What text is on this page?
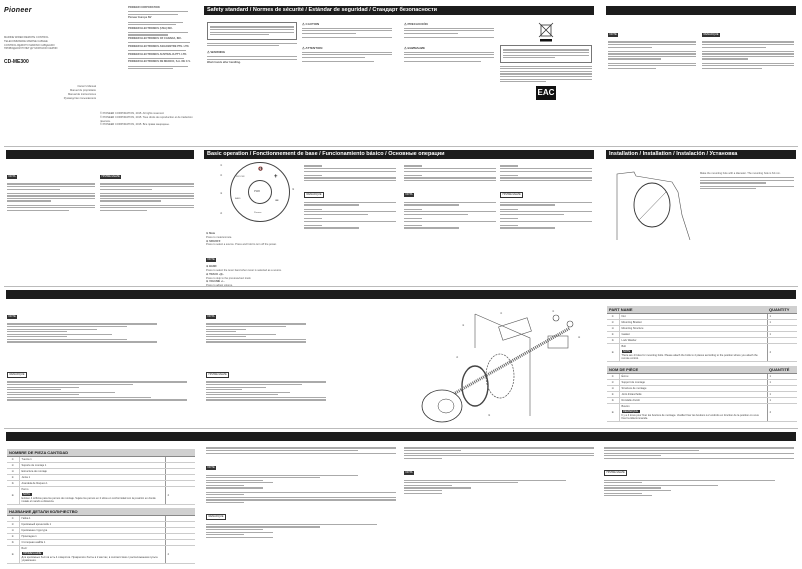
Pioneer
MARINE WIRED REMOTE CONTROL
TELECOMMANDE MARINE CABLEE
CONTROL REMOTO MARINO CABLEADO
ПРОВОДНОЙ ПУЛЬТ ДУ МОРСКОЙ СЕРИИ
CD-ME300
Owner's Manual
Manuel du propriétaire
Manual de instrucciones
Руководство пользователя
PIONEER CORPORATION
Pioneer Europe NV
PIONEER ELECTRONICS (USA) INC.
PIONEER ELECTRONICS OF CANADA, INC.
PIONEER ELECTRONICS ASIACENTRE PTE. LTD.
PIONEER ELECTRONICS AUSTRALIA PTY. LTD.
PIONEER ELECTRONICS DE MEXICO, S.A. DE C.V.
© PIONEER CORPORATION, 2015. All rights reserved.
© PIONEER CORPORATION, 2015. Tous droits de reproduction et de traduction réservés.
© PIONEER CORPORATION, 2015. Все права защищены.
Safety standard / Normes de sécurité / Estándar de seguridad / Стандарт безопасности
⚠ WARNING
Wash hands after handling.
⚠ CAUTION
⚠ ATTENTION
⚠ PRECAUCIÓN
⚠ ВНИМАНИЕ
EAC
NOTE	REMARQUE
NOTA	ПРИМЕЧАНИЕ
Basic operation / Fonctionnement de base / Funcionamiento básico / Основные операции
PWR
SRC/OFF
BAND
+
−
Pioneer
🔇
①
②
③
④
⑤
① Mute
Press to mute/unmute.
② SRC/OFF
Press to select a source. Press and hold to turn off the power.
NOTE
③ BAND
Press to select the tuner band when tuner is selected as a source.
④ TRACK ◁/▷
Press to skip to the previous/next track.
⑤ VOLUME +/−
REMARQUE	NOTA	ПРИМЕЧАНИЕ
Installation / Installation / Instalación / Установка
Make the mounting hole with a diameter. The mounting hole is 64 mm.
NOTE
REMARQUE
NOTA
ПРИМЕЧАНИЕ
①
②
③
④
⑤
⑥
PART NAME		QUANTITY
①	Nut	1
②	Mounting Bracket	1
③	Mounting Structure	
④	Gasket	1
⑤	Lock Washer	
⑥	Bolt
NOTE
There are 4 holes for mounting bolts. Please attach the bolts to 2 places according to the position where you attach the remote control.	4
NOM DE PIÈCE		QUANTITÉ
①	Écrou	1
②	Support de montage	1
③	Structure de montage	
④	Joint d'étanchéité	1
⑤	Rondelle d'arrêt	1
⑥	Boulon
REMARQUE
Il y a 4 trous pour fixer les boulons de montage. Veuillez fixer les boulons à 2 endroits en fonction de la position où vous fixez la télécommande.	4
NOMBRE DE PIEZA CANTIDAD		
①	Tuerca 1	
②	Soporte de montaje 1	
③	Estructura de montaje	
④	Junta 1	
⑤	Arandela de bloqueo 1	
⑥	Perno
NOTA
Existen 4 orificios para los pernos de montaje. Sujete los pernos en 2 sitios en conformidad con la posición en donde instale el mando a distancia.	4
НАЗВАНИЕ ДЕТАЛИ КОЛИЧЕСТВО		
①	Гайка 1	
②	Крепёжный кронштейн 1	
③	Крепёжная структура	
④	Прокладка 1	
⑤	Стопорная шайба 1	
⑥	Болт
ПРИМЕЧАНИЕ
Для крепёжных болтов есть 4 отверстия. Прикрепите болты в 2 местах, в соответствии с расположением пульта управления.	4
NOTE
REMARQUE
NOTA	ПРИМЕЧАНИЕ
